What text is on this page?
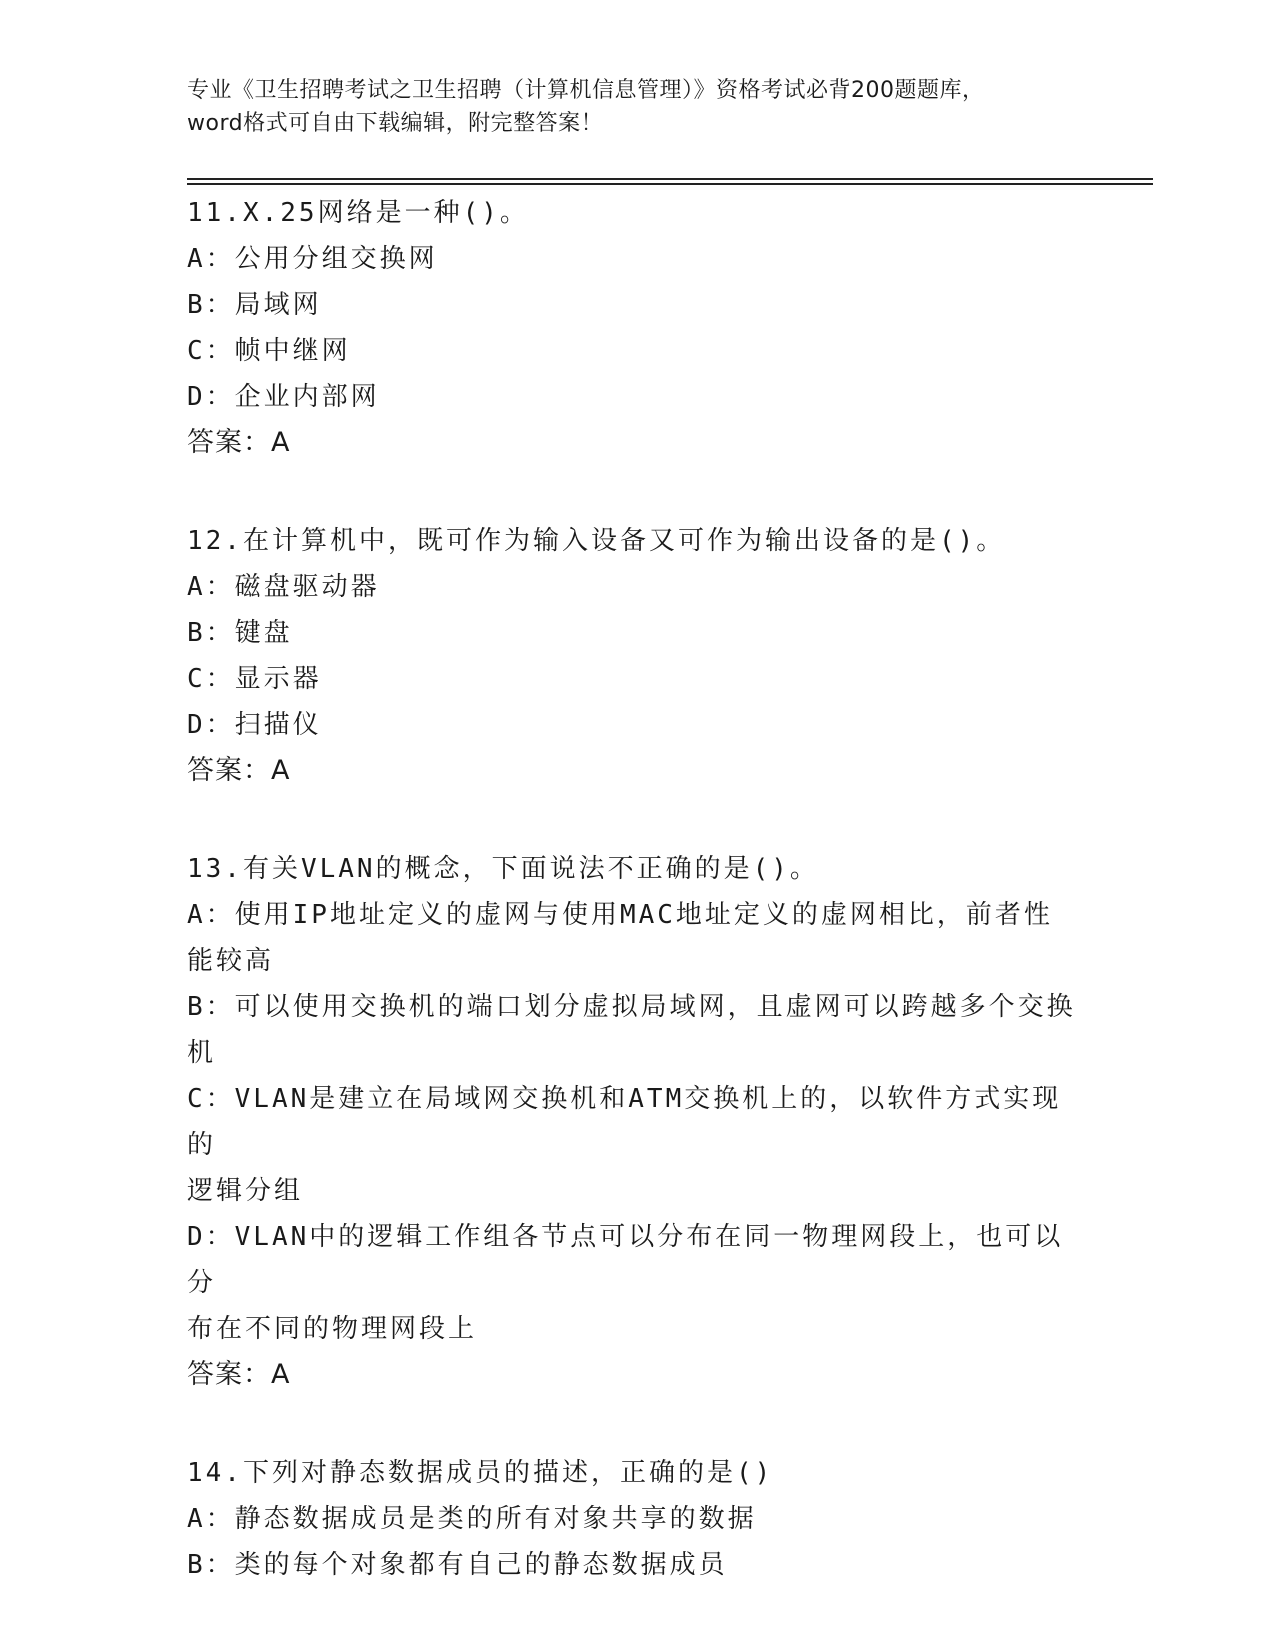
专业《卫生招聘考试之卫生招聘（计算机信息管理）》资格考试必背200题题库，
word格式可自由下载编辑，附完整答案！
11.X.25网络是一种()。
A：公用分组交换网
B：局域网
C：帧中继网
D：企业内部网
答案：A
12.在计算机中，既可作为输入设备又可作为输出设备的是()。
A：磁盘驱动器
B：键盘
C：显示器
D：扫描仪
答案：A
13.有关VLAN的概念，下面说法不正确的是()。
A：使用IP地址定义的虚网与使用MAC地址定义的虚网相比，前者性
能较高
B：可以使用交换机的端口划分虚拟局域网，且虚网可以跨越多个交换
机
C：VLAN是建立在局域网交换机和ATM交换机上的，以软件方式实现的
逻辑分组
D：VLAN中的逻辑工作组各节点可以分布在同一物理网段上，也可以分
布在不同的物理网段上
答案：A
14.下列对静态数据成员的描述，正确的是()
A：静态数据成员是类的所有对象共享的数据
B：类的每个对象都有自己的静态数据成员
